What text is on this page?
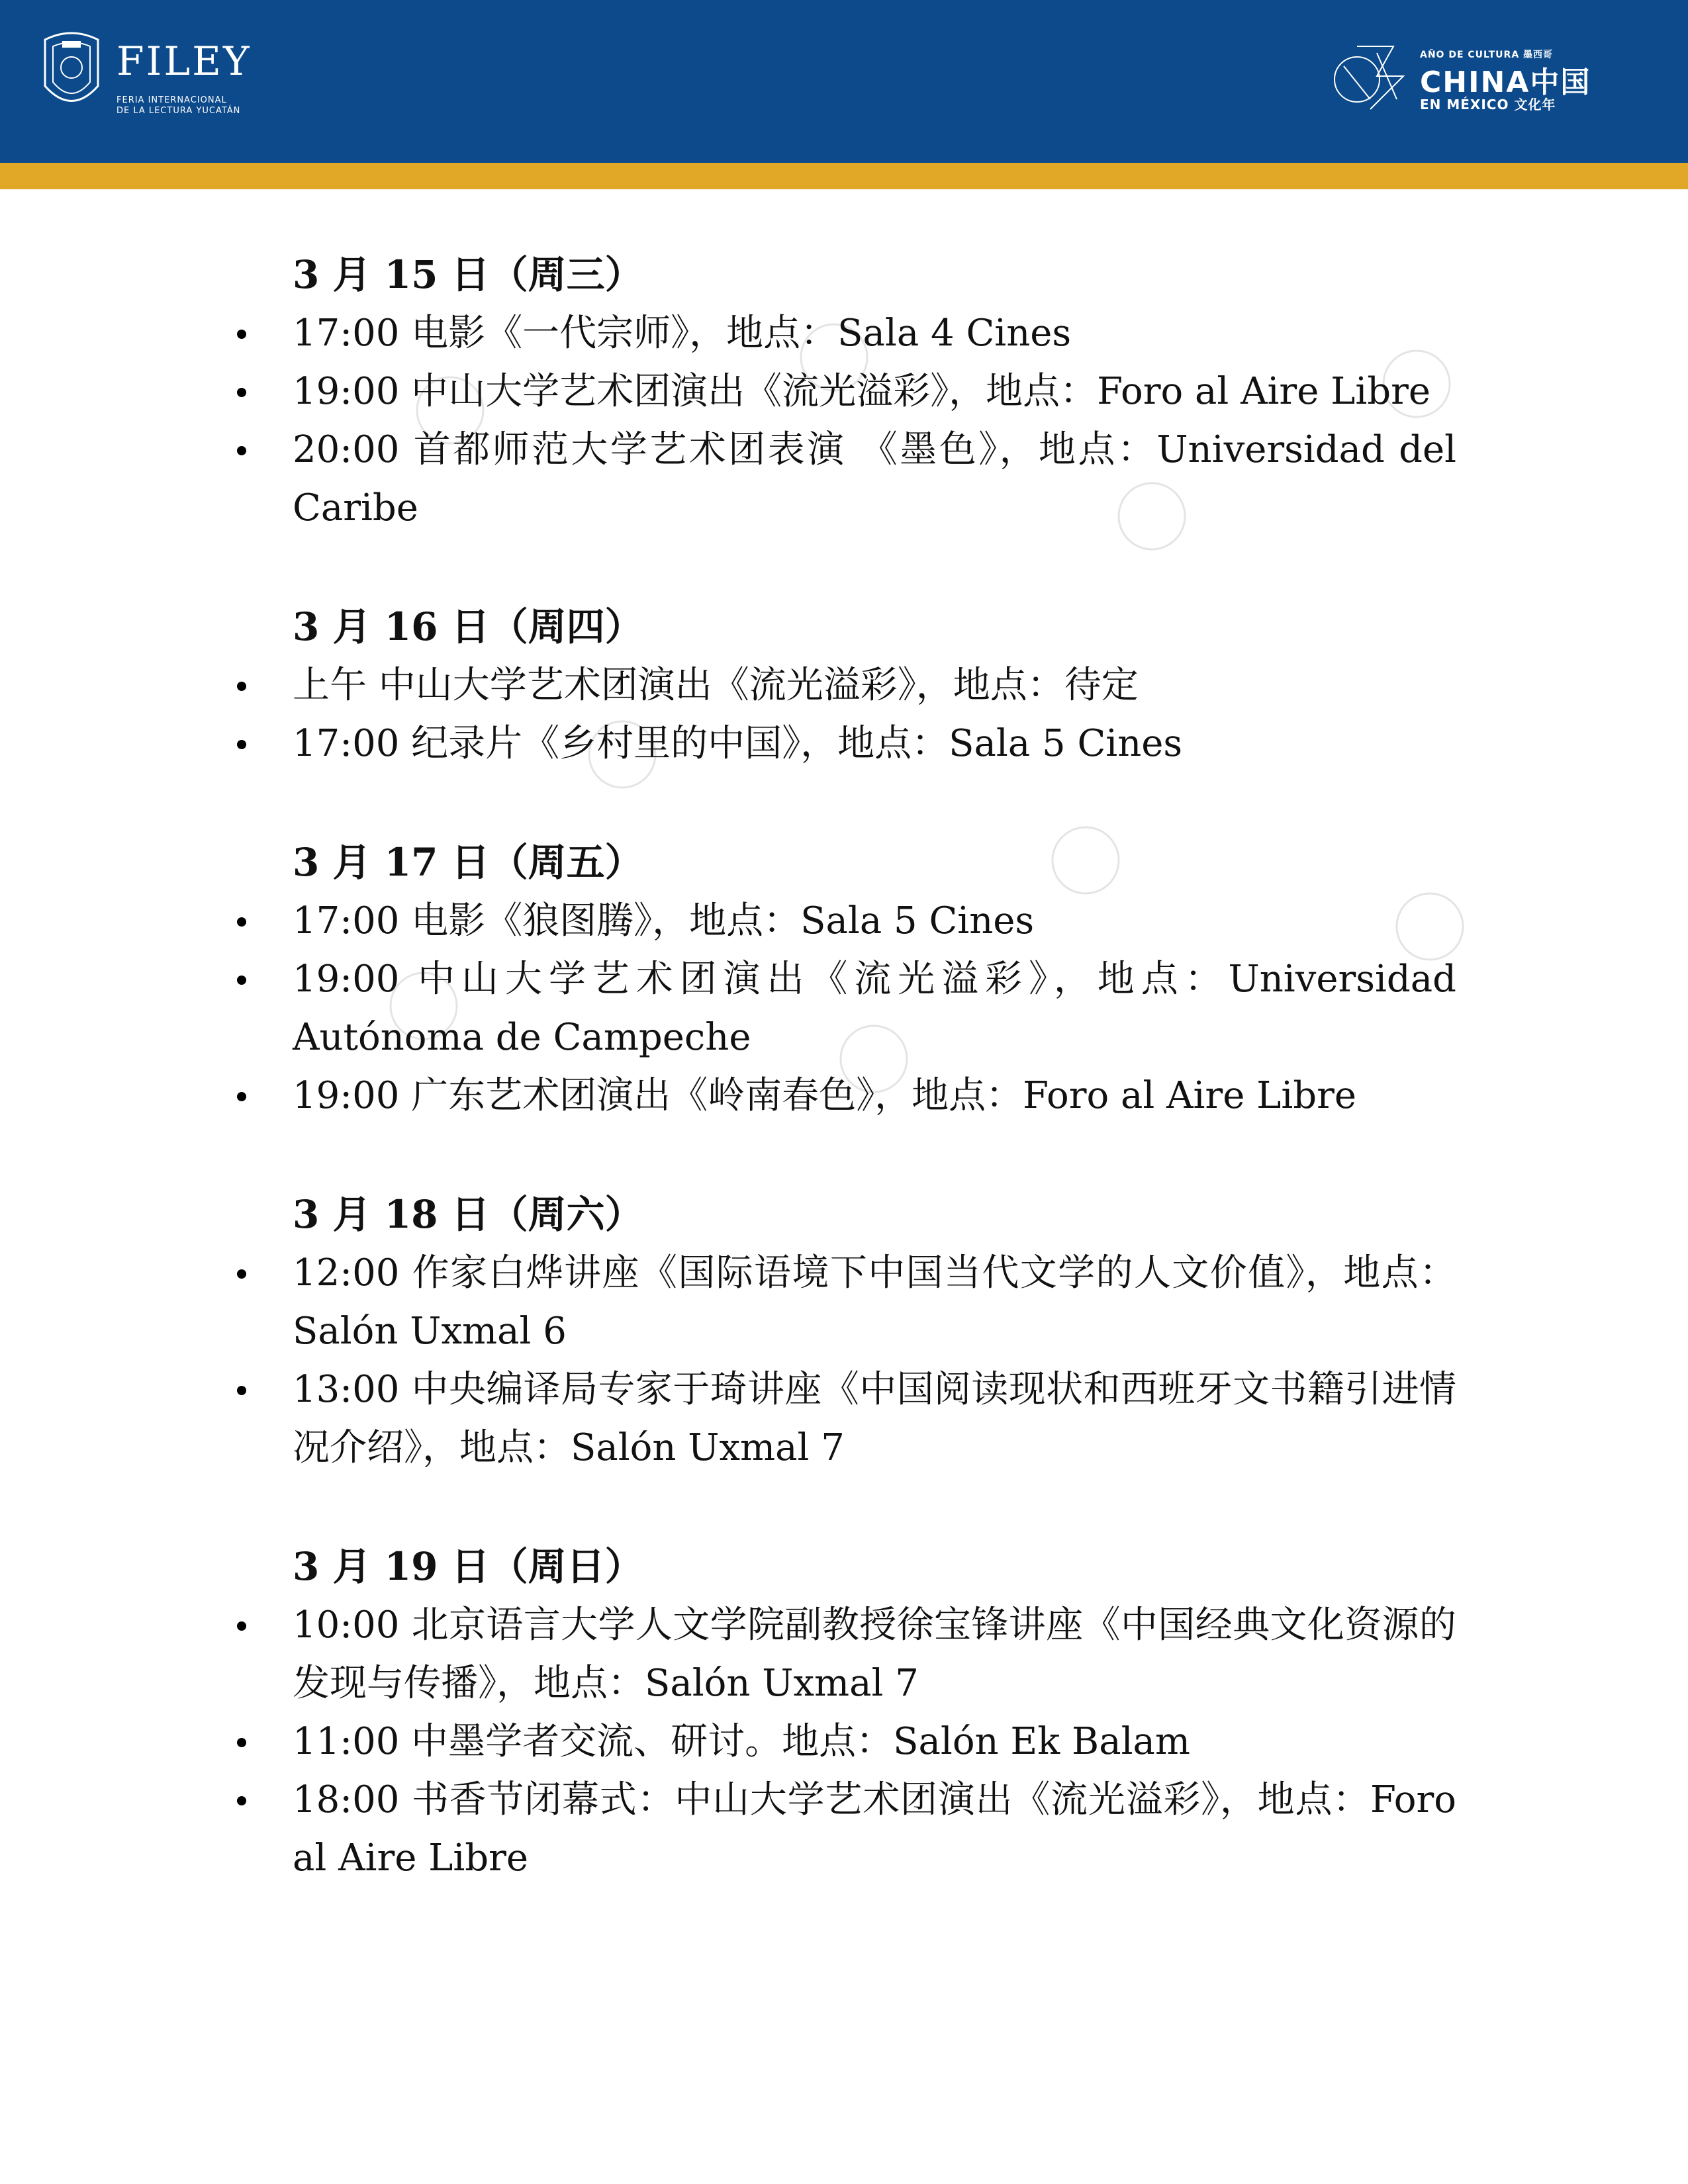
FILEY
FERIA INTERNACIONAL
DE LA LECTURA YUCATÁN
AÑO DE CULTURA 墨西哥
CHINA中国
EN MÉXICO 文化年
3 月 15 日（周三）
17:00 电影《一代宗师》，地点：Sala 4 Cines
19:00 中山大学艺术团演出《流光溢彩》，地点：Foro al Aire Libre
20:00 首都师范大学艺术团表演 《墨色》，地点：Universidad del Caribe
3 月 16 日（周四）
上午 中山大学艺术团演出《流光溢彩》，地点：待定
17:00 纪录片《乡村里的中国》，地点：Sala 5 Cines
3 月 17 日（周五）
17:00 电影《狼图腾》，地点：Sala 5 Cines
19:00 中山大学艺术团演出《流光溢彩》，地点：Universidad Autónoma de Campeche
19:00 广东艺术团演出《岭南春色》，地点：Foro al Aire Libre
3 月 18 日（周六）
12:00 作家白烨讲座《国际语境下中国当代文学的人文价值》，地点：Salón Uxmal 6
13:00 中央编译局专家于琦讲座《中国阅读现状和西班牙文书籍引进情况介绍》，地点：Salón Uxmal 7
3 月 19 日（周日）
10:00 北京语言大学人文学院副教授徐宝锋讲座《中国经典文化资源的发现与传播》，地点：Salón Uxmal 7
11:00 中墨学者交流、研讨。地点：Salón Ek Balam
18:00 书香节闭幕式：中山大学艺术团演出《流光溢彩》，地点：Foro al Aire Libre
